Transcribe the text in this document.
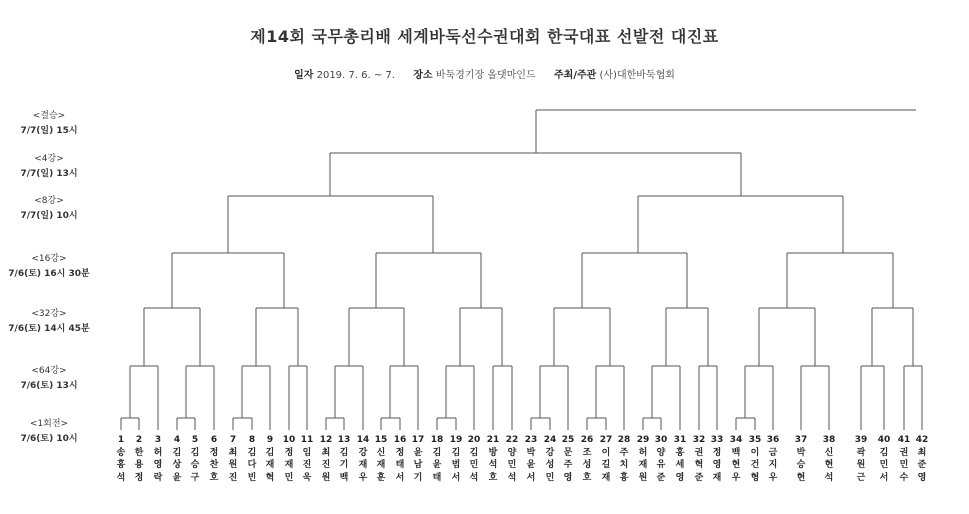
제14회 국무총리배 세계바둑선수권대회 한국대표 선발전 대진표
일자 2019. 7. 6. ~ 7. 장소 바둑경기장 올댓마인드 주최/주관 (사)대한바둑협회
<결승>
7/7(일) 15시
<4강>
7/7(일) 13시
<8강>
7/7(일) 10시
<16강>
7/6(토) 16시 30분
<32강>
7/6(토) 14시 45분
<64강>
7/6(토) 13시
<1회전>
7/6(토) 10시	1
송
홍
석
2
한
용
정
3
허
영
락
4
김
상
윤
5
김
승
구
6
정
찬
호
7
최
원
진
8
김
다
빈
9
김
재
혁
10
정
재
민
11
임
진
욱
12
최
진
원
13
김
기
백
14
강
재
우
15
신
재
훈
16
정
태
서
17
윤
남
기
18
김
윤
태
19
김
범
서
20
김
민
석
21
방
석
호
22
양
민
석
23
박
윤
서
24
강
성
민
25
문
주
영
26
조
성
호
27
이
길
재
28
주
치
홍
29
허
재
원
30
양
유
준
31
홍
세
영
32
권
혁
준
33
정
영
재
34
백
현
우
35
이
건
형
36
금
지
우
37
박
승
현
38
신
현
석
39
곽
원
근
40
김
민
서
41
권
민
수
42
최
준
영
